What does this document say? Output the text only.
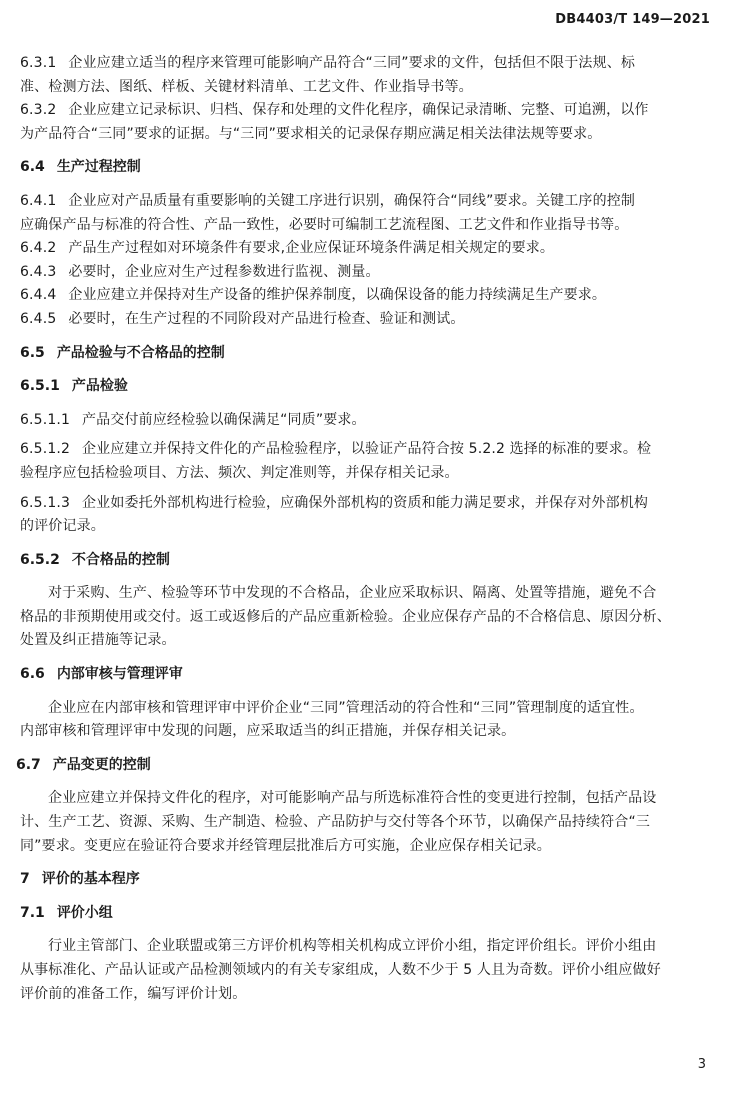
DB4403/T 149—2021
6.3.1 企业应建立适当的程序来管理可能影响产品符合“三同”要求的文件，包括但不限于法规、标
准、检测方法、图纸、样板、关键材料清单、工艺文件、作业指导书等。
6.3.2 企业应建立记录标识、归档、保存和处理的文件化程序，确保记录清晰、完整、可追溯，以作
为产品符合“三同”要求的证据。与“三同”要求相关的记录保存期应满足相关法律法规等要求。
6.4 生产过程控制
6.4.1 企业应对产品质量有重要影响的关键工序进行识别，确保符合“同线”要求。关键工序的控制
应确保产品与标准的符合性、产品一致性，必要时可编制工艺流程图、工艺文件和作业指导书等。
6.4.2 产品生产过程如对环境条件有要求,企业应保证环境条件满足相关规定的要求。
6.4.3 必要时，企业应对生产过程参数进行监视、测量。
6.4.4 企业应建立并保持对生产设备的维护保养制度，以确保设备的能力持续满足生产要求。
6.4.5 必要时，在生产过程的不同阶段对产品进行检查、验证和测试。
6.5 产品检验与不合格品的控制
6.5.1 产品检验
6.5.1.1 产品交付前应经检验以确保满足“同质”要求。
6.5.1.2 企业应建立并保持文件化的产品检验程序，以验证产品符合按 5.2.2 选择的标准的要求。检
验程序应包括检验项目、方法、频次、判定准则等，并保存相关记录。
6.5.1.3 企业如委托外部机构进行检验，应确保外部机构的资质和能力满足要求，并保存对外部机构
的评价记录。
6.5.2 不合格品的控制
对于采购、生产、检验等环节中发现的不合格品，企业应采取标识、隔离、处置等措施，避免不合
格品的非预期使用或交付。返工或返修后的产品应重新检验。企业应保存产品的不合格信息、原因分析、
处置及纠正措施等记录。
6.6 内部审核与管理评审
企业应在内部审核和管理评审中评价企业“三同”管理活动的符合性和“三同”管理制度的适宜性。
内部审核和管理评审中发现的问题，应采取适当的纠正措施，并保存相关记录。
6.7 产品变更的控制
企业应建立并保持文件化的程序，对可能影响产品与所选标准符合性的变更进行控制，包括产品设
计、生产工艺、资源、采购、生产制造、检验、产品防护与交付等各个环节，以确保产品持续符合“三
同”要求。变更应在验证符合要求并经管理层批准后方可实施，企业应保存相关记录。
7 评价的基本程序
7.1 评价小组
行业主管部门、企业联盟或第三方评价机构等相关机构成立评价小组，指定评价组长。评价小组由
从事标准化、产品认证或产品检测领域内的有关专家组成，人数不少于 5 人且为奇数。评价小组应做好
评价前的准备工作，编写评价计划。
3
